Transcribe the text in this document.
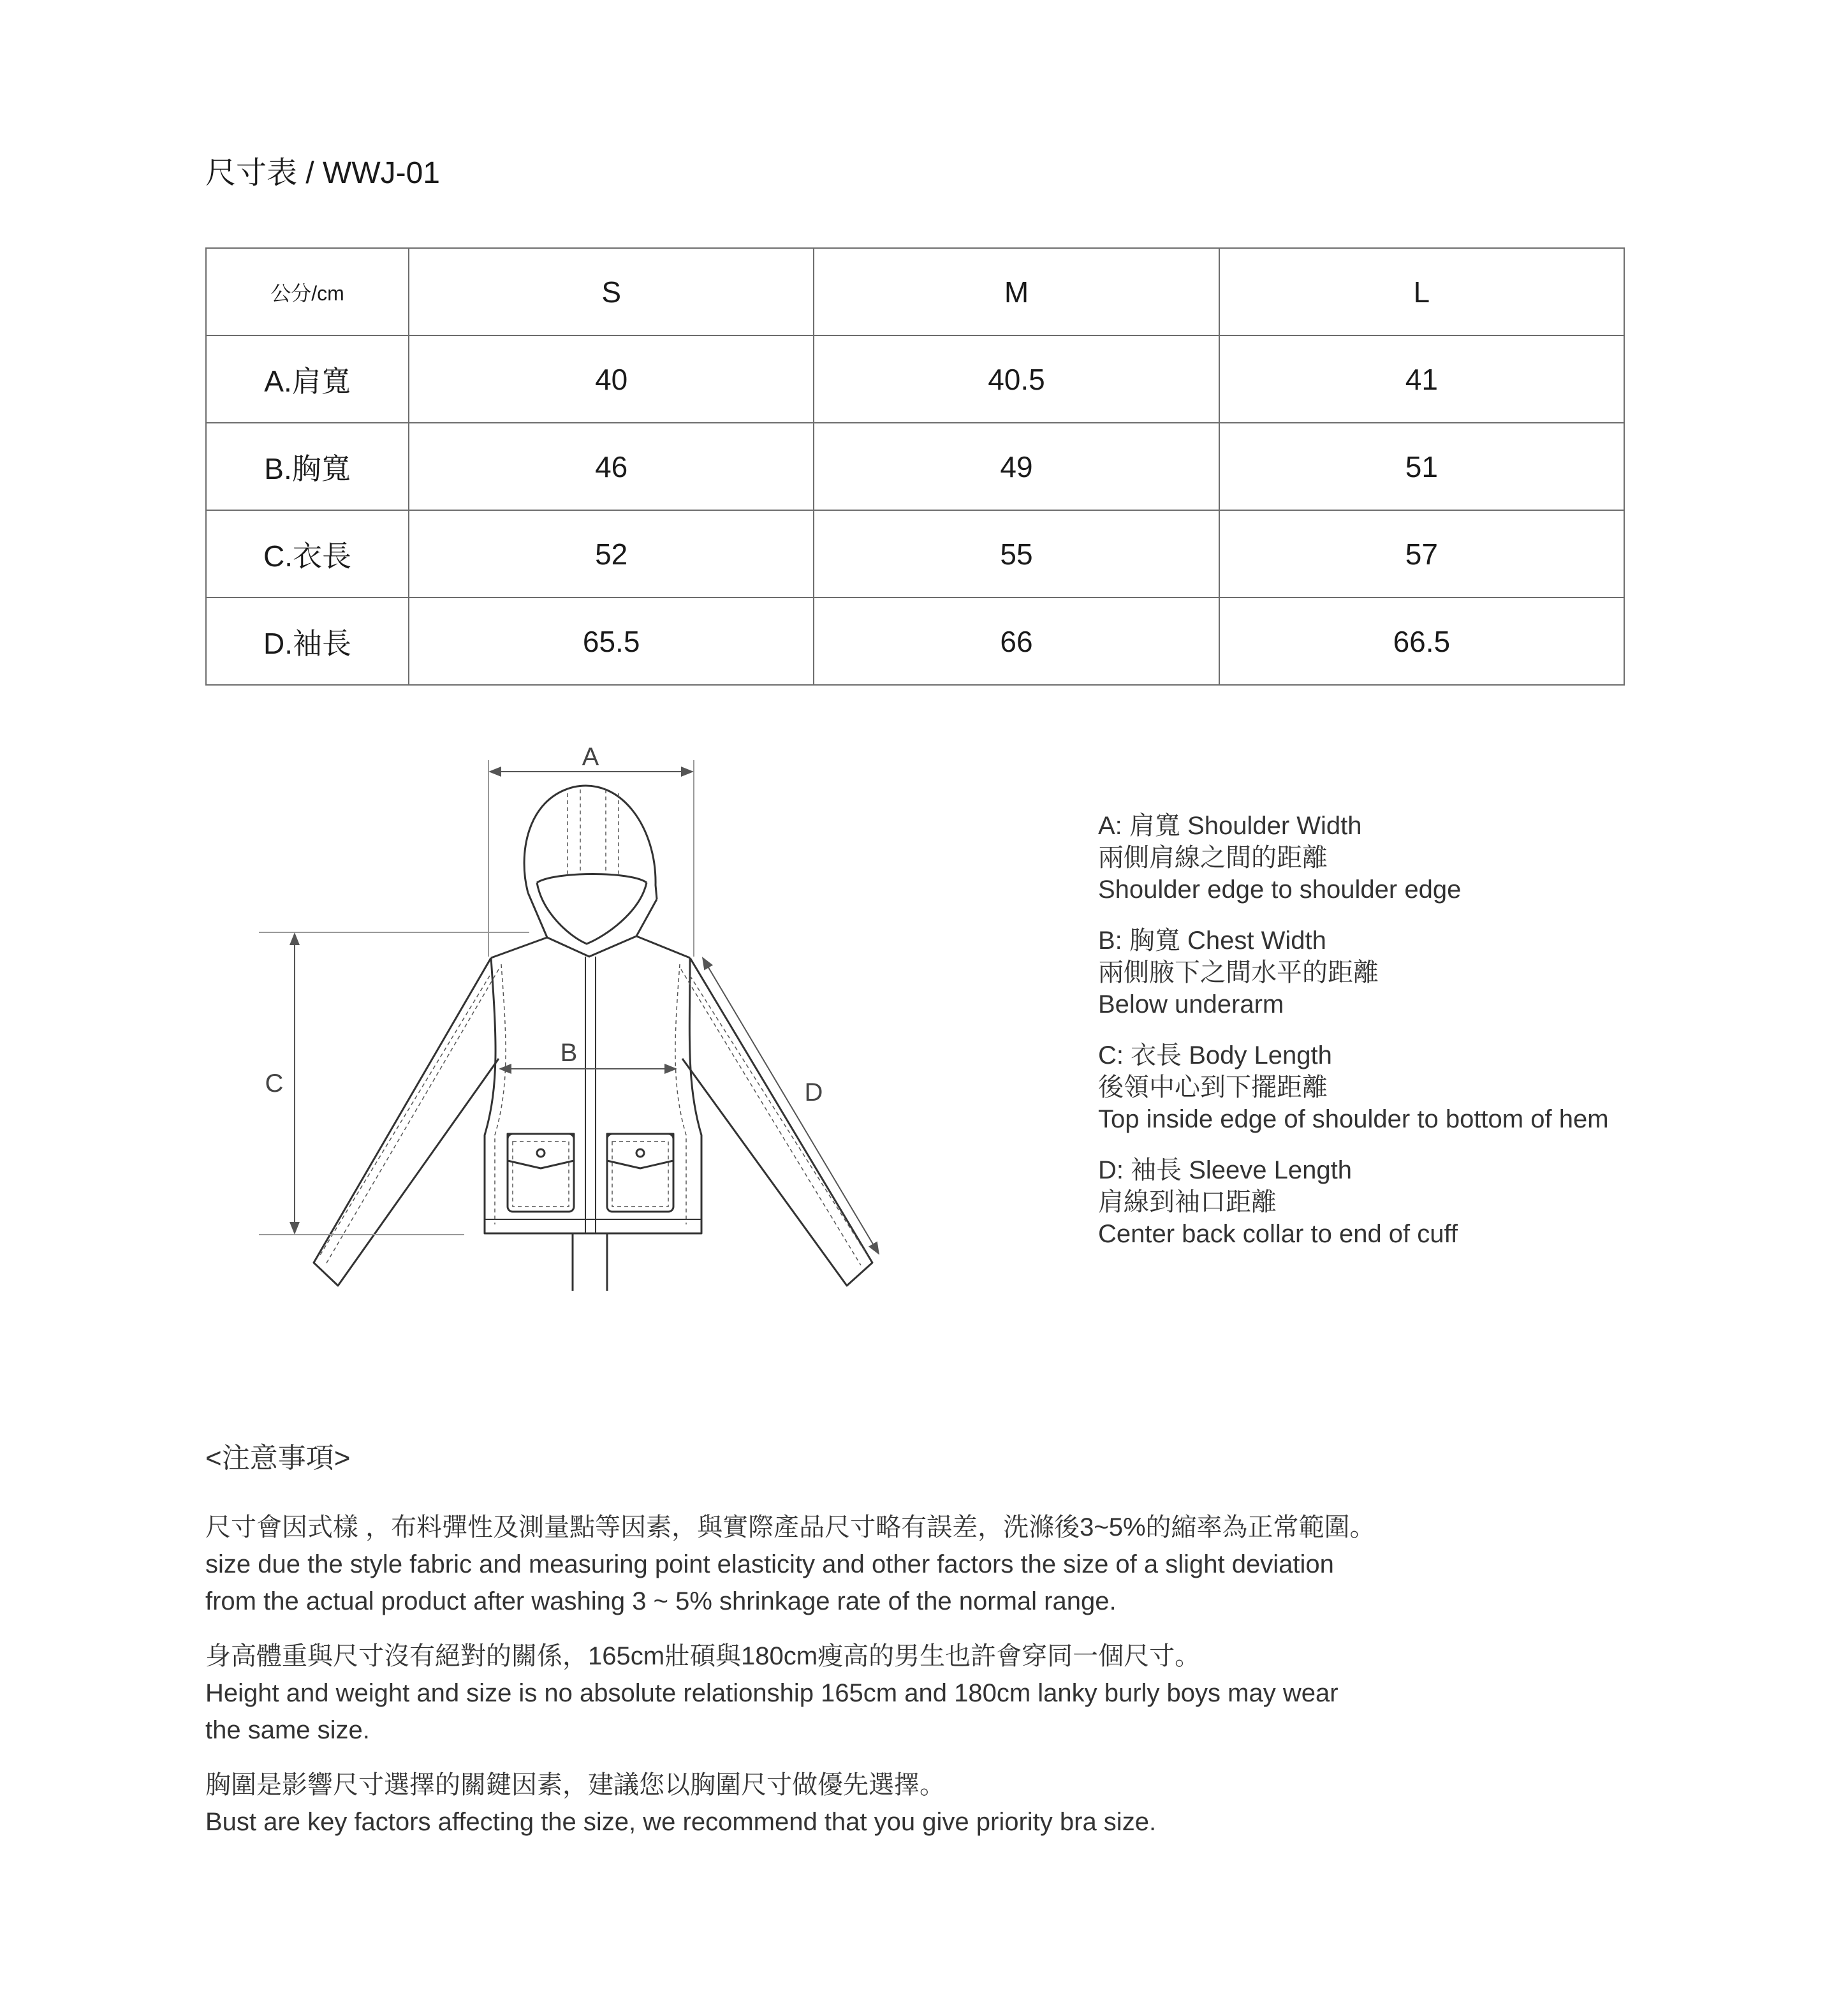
尺寸表 / WWJ-01
公分/cm	S	M	L
A.肩寬	40	40.5	41
B.胸寬	46	49	51
C.衣長	52	55	57
D.袖長	65.5	66	66.5
A
B
C	D
A: 肩寬 Shoulder Width
兩側肩線之間的距離
Shoulder edge to shoulder edge
B: 胸寬 Chest Width
兩側腋下之間水平的距離
Below underarm
C: 衣長 Body Length
後領中心到下擺距離
Top inside edge of shoulder to bottom of hem
D: 袖長 Sleeve Length
肩線到袖口距離
Center back collar to end of cuff
<注意事項>
尺寸會因式樣 ，布料彈性及測量點等因素，與實際產品尺寸略有誤差，洗滌後3~5%的縮率為正常範圍。
size due the style fabric and measuring point elasticity and other factors the size of a slight deviation
from the actual product after washing 3 ~ 5% shrinkage rate of the normal range.
身高體重與尺寸沒有絕對的關係，165cm壯碩與180cm瘦高的男生也許會穿同一個尺寸。
Height and weight and size is no absolute relationship 165cm and 180cm lanky burly boys may wear
the same size.
胸圍是影響尺寸選擇的關鍵因素，建議您以胸圍尺寸做優先選擇。
Bust are key factors affecting the size, we recommend that you give priority bra size.
